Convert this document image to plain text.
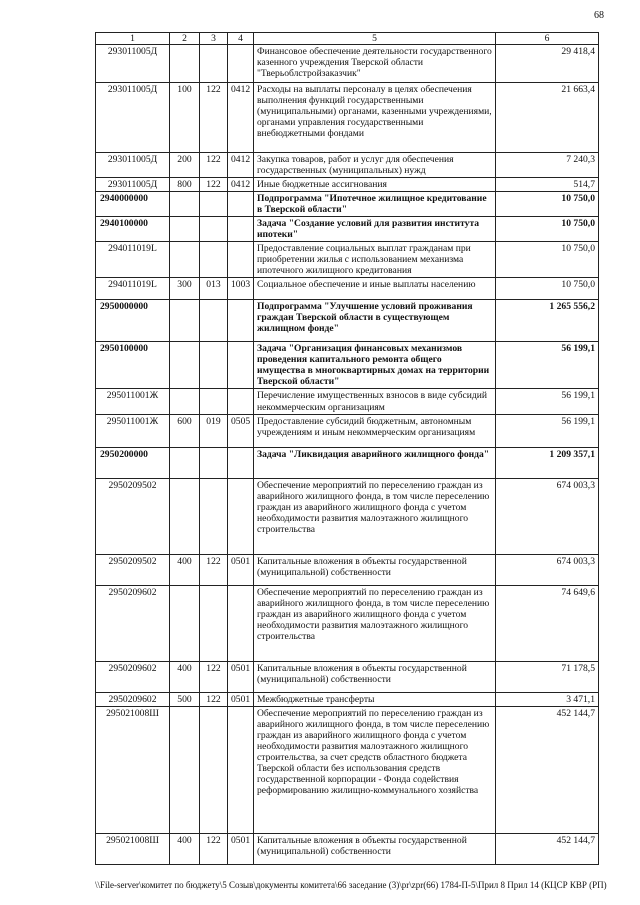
68
1	2	3	4	5	6
293011005Д				Финансовое обеспечение деятельности государственного казенного учреждения Тверской области "Тверьоблстройзаказчик"	29 418,4
293011005Д	100	122	0412	Расходы на выплаты персоналу в целях обеспечения выполнения функций государственными (муниципальными) органами, казенными учреждениями, органами управления государственными внебюджетными фондами	21 663,4
293011005Д	200	122	0412	Закупка товаров, работ и услуг для обеспечения государственных (муниципальных) нужд	7 240,3
293011005Д	800	122	0412	Иные бюджетные ассигнования	514,7
2940000000				Подпрограмма "Ипотечное жилищное кредитование в Тверской области"	10 750,0
2940100000				Задача "Создание условий для развития института ипотеки"	10 750,0
294011019L				Предоставление социальных выплат гражданам при приобретении жилья с использованием механизма ипотечного жилищного кредитования	10 750,0
294011019L	300	013	1003	Социальное обеспечение и иные выплаты населению	10 750,0
2950000000				Подпрограмма "Улучшение условий проживания граждан Тверской области в существующем жилищном фонде"	1 265 556,2
2950100000				Задача "Организация финансовых механизмов проведения капитального ремонта общего имущества в многоквартирных домах на территории Тверской области"	56 199,1
295011001Ж				Перечисление имущественных взносов в виде субсидий некоммерческим организациям	56 199,1
295011001Ж	600	019	0505	Предоставление субсидий бюджетным, автономным учреждениям и иным некоммерческим организациям	56 199,1
2950200000				Задача "Ликвидация аварийного жилищного фонда"	1 209 357,1
2950209502				Обеспечение мероприятий по переселению граждан из аварийного жилищного фонда, в том числе переселению граждан из аварийного жилищного фонда с учетом необходимости развития малоэтажного жилищного строительства	674 003,3
2950209502	400	122	0501	Капитальные вложения в объекты государственной (муниципальной) собственности	674 003,3
2950209602				Обеспечение мероприятий по переселению граждан из аварийного жилищного фонда, в том числе переселению граждан из аварийного жилищного фонда с учетом необходимости развития малоэтажного жилищного строительства	74 649,6
2950209602	400	122	0501	Капитальные вложения в объекты государственной (муниципальной) собственности	71 178,5
2950209602	500	122	0501	Межбюджетные трансферты	3 471,1
295021008Ш				Обеспечение мероприятий по переселению граждан из аварийного жилищного фонда, в том числе переселению граждан из аварийного жилищного фонда с учетом необходимости развития малоэтажного жилищного строительства, за счет средств областного бюджета Тверской области без использования средств государственной корпорации - Фонда содействия реформированию жилищно-коммунального хозяйства	452 144,7
295021008Ш	400	122	0501	Капитальные вложения в объекты государственной (муниципальной) собственности	452 144,7
\\File-server\комитет по бюджету\5 Созыв\документы комитета\66 заседание (3)\pr\zpr(66) 1784-П-5\Прил 8 Прил 14 (КЦСР КВР (РП)
